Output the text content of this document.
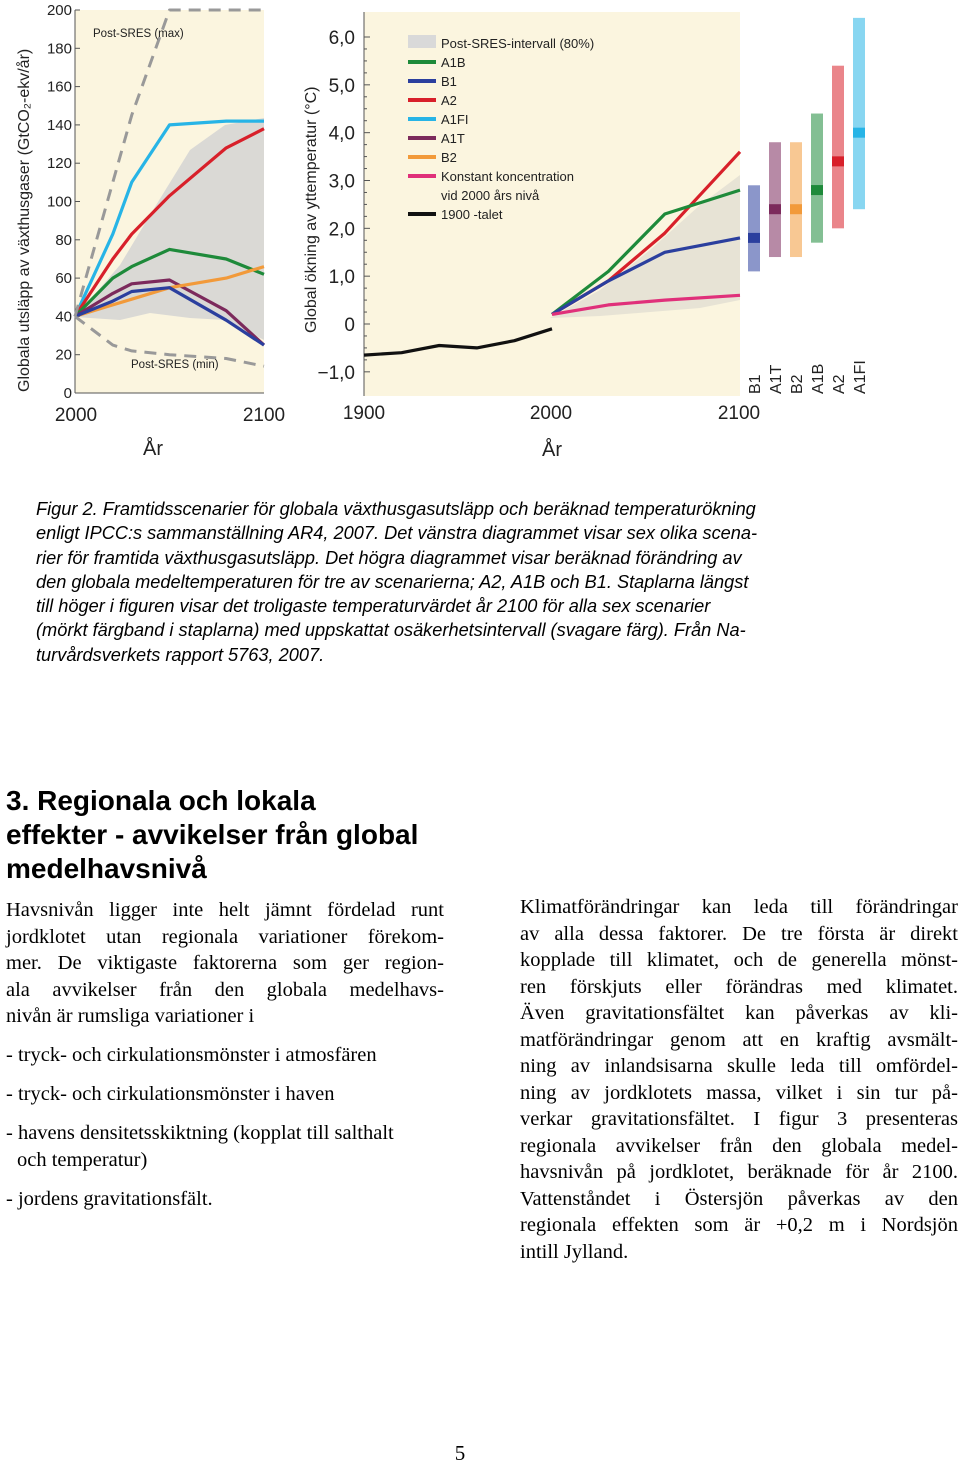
200
180
160
140
120
100
80
60
40
20
0
Post-SRES (max)
Post-SRES (min)
Globala utsläpp av växthusgaser (GtCO₂-ekv/år)
2000	2100
År
6,0
5,0
4,0
3,0
2,0
1,0
0
−1,0
B1 A1T B2 A1B A2 A1FI
Post-SRES-intervall (80%)
A1B
B1
A2
A1FI
A1T
B2
Konstant koncentration
vid 2000 års nivå
1900 -talet
Global ökning av yttemperatur (°C)
1900	2000	2100
År

Figur 2. Framtidsscenarier för globala växthusgasutsläpp och beräknad temperaturökning
enligt IPCC:s sammanställning AR4, 2007. Det vänstra diagrammet visar sex olika scena-
rier för framtida växthusgasutsläpp. Det högra diagrammet visar beräknad förändring av
den globala medeltemperaturen för tre av scenarierna; A2, A1B och B1. Staplarna längst
till höger i figuren visar det troligaste temperaturvärdet år 2100 för alla sex scenarier
(mörkt färgband i staplarna) med uppskattat osäkerhetsintervall (svagare färg). Från Na-
turvårdsverkets rapport 5763, 2007.

3. Regionala och lokala
effekter - avvikelser från global
medelhavsnivå
Havsnivån ligger inte helt jämnt fördelad runt
jordklotet utan regionala variationer förekom-
mer. De viktigaste faktorerna som ger region-
ala avvikelser från den globala medelhavs-
nivån är rumsliga variationer i
- tryck- och cirkulationsmönster i atmosfären
- tryck- och cirkulationsmönster i haven
- havens densitetsskiktning (kopplat till salthalt
och temperatur)
- jordens gravitationsfält.
Klimatförändringar kan leda till förändringar
av alla dessa faktorer. De tre första är direkt
kopplade till klimatet, och de generella mönst-
ren förskjuts eller förändras med klimatet.
Även gravitationsfältet kan påverkas av kli-
matförändringar genom att en kraftig avsmält-
ning av inlandsisarna skulle leda till omfördel-
ning av jordklotets massa, vilket i sin tur på-
verkar gravitationsfältet. I figur 3 presenteras
regionala avvikelser från den globala medel-
havsnivån på jordklotet, beräknade för år 2100.
Vattenståndet i Östersjön påverkas av den
regionala effekten som är +0,2 m i Nordsjön
intill Jylland.
5
